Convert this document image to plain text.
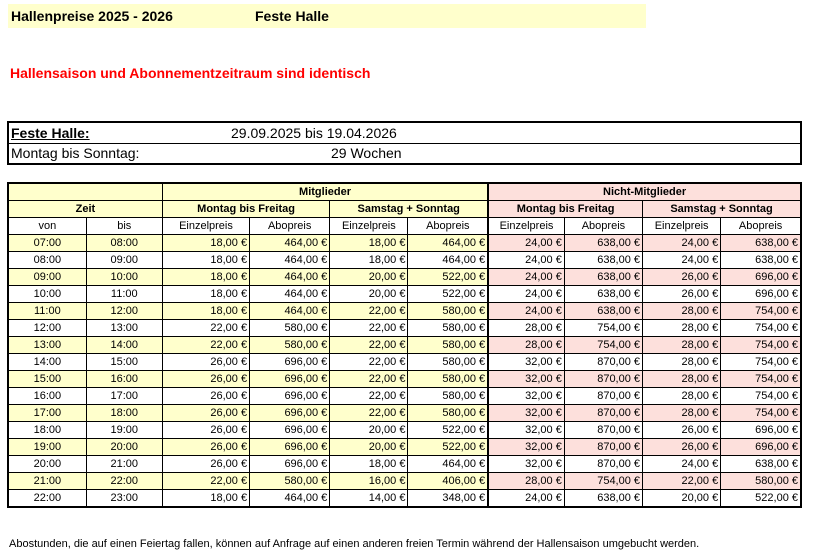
Hallenpreise 2025 - 2026	Feste Halle
Hallensaison und Abonnementzeitraum sind identisch
Feste Halle:	29.09.2025 bis 19.04.2026
Montag bis Sonntag:	29 Wochen
		Mitglieder				Nicht-Mitglieder			
Zeit		Montag bis Freitag		Samstag + Sonntag		Montag bis Freitag		Samstag + Sonntag	
von	bis	Einzelpreis	Abopreis	Einzelpreis	Abopreis	Einzelpreis	Abopreis	Einzelpreis	Abopreis
07:00	08:00	18,00 €	464,00 €	18,00 €	464,00 €	24,00 €	638,00 €	24,00 €	638,00 €
08:00	09:00	18,00 €	464,00 €	18,00 €	464,00 €	24,00 €	638,00 €	24,00 €	638,00 €
09:00	10:00	18,00 €	464,00 €	20,00 €	522,00 €	24,00 €	638,00 €	26,00 €	696,00 €
10:00	11:00	18,00 €	464,00 €	20,00 €	522,00 €	24,00 €	638,00 €	26,00 €	696,00 €
11:00	12:00	18,00 €	464,00 €	22,00 €	580,00 €	24,00 €	638,00 €	28,00 €	754,00 €
12:00	13:00	22,00 €	580,00 €	22,00 €	580,00 €	28,00 €	754,00 €	28,00 €	754,00 €
13:00	14:00	22,00 €	580,00 €	22,00 €	580,00 €	28,00 €	754,00 €	28,00 €	754,00 €
14:00	15:00	26,00 €	696,00 €	22,00 €	580,00 €	32,00 €	870,00 €	28,00 €	754,00 €
15:00	16:00	26,00 €	696,00 €	22,00 €	580,00 €	32,00 €	870,00 €	28,00 €	754,00 €
16:00	17:00	26,00 €	696,00 €	22,00 €	580,00 €	32,00 €	870,00 €	28,00 €	754,00 €
17:00	18:00	26,00 €	696,00 €	22,00 €	580,00 €	32,00 €	870,00 €	28,00 €	754,00 €
18:00	19:00	26,00 €	696,00 €	20,00 €	522,00 €	32,00 €	870,00 €	26,00 €	696,00 €
19:00	20:00	26,00 €	696,00 €	20,00 €	522,00 €	32,00 €	870,00 €	26,00 €	696,00 €
20:00	21:00	26,00 €	696,00 €	18,00 €	464,00 €	32,00 €	870,00 €	24,00 €	638,00 €
21:00	22:00	22,00 €	580,00 €	16,00 €	406,00 €	28,00 €	754,00 €	22,00 €	580,00 €
22:00	23:00	18,00 €	464,00 €	14,00 €	348,00 €	24,00 €	638,00 €	20,00 €	522,00 €
Abostunden, die auf einen Feiertag fallen, können auf Anfrage auf einen anderen freien Termin während der Hallensaison umgebucht werden.
